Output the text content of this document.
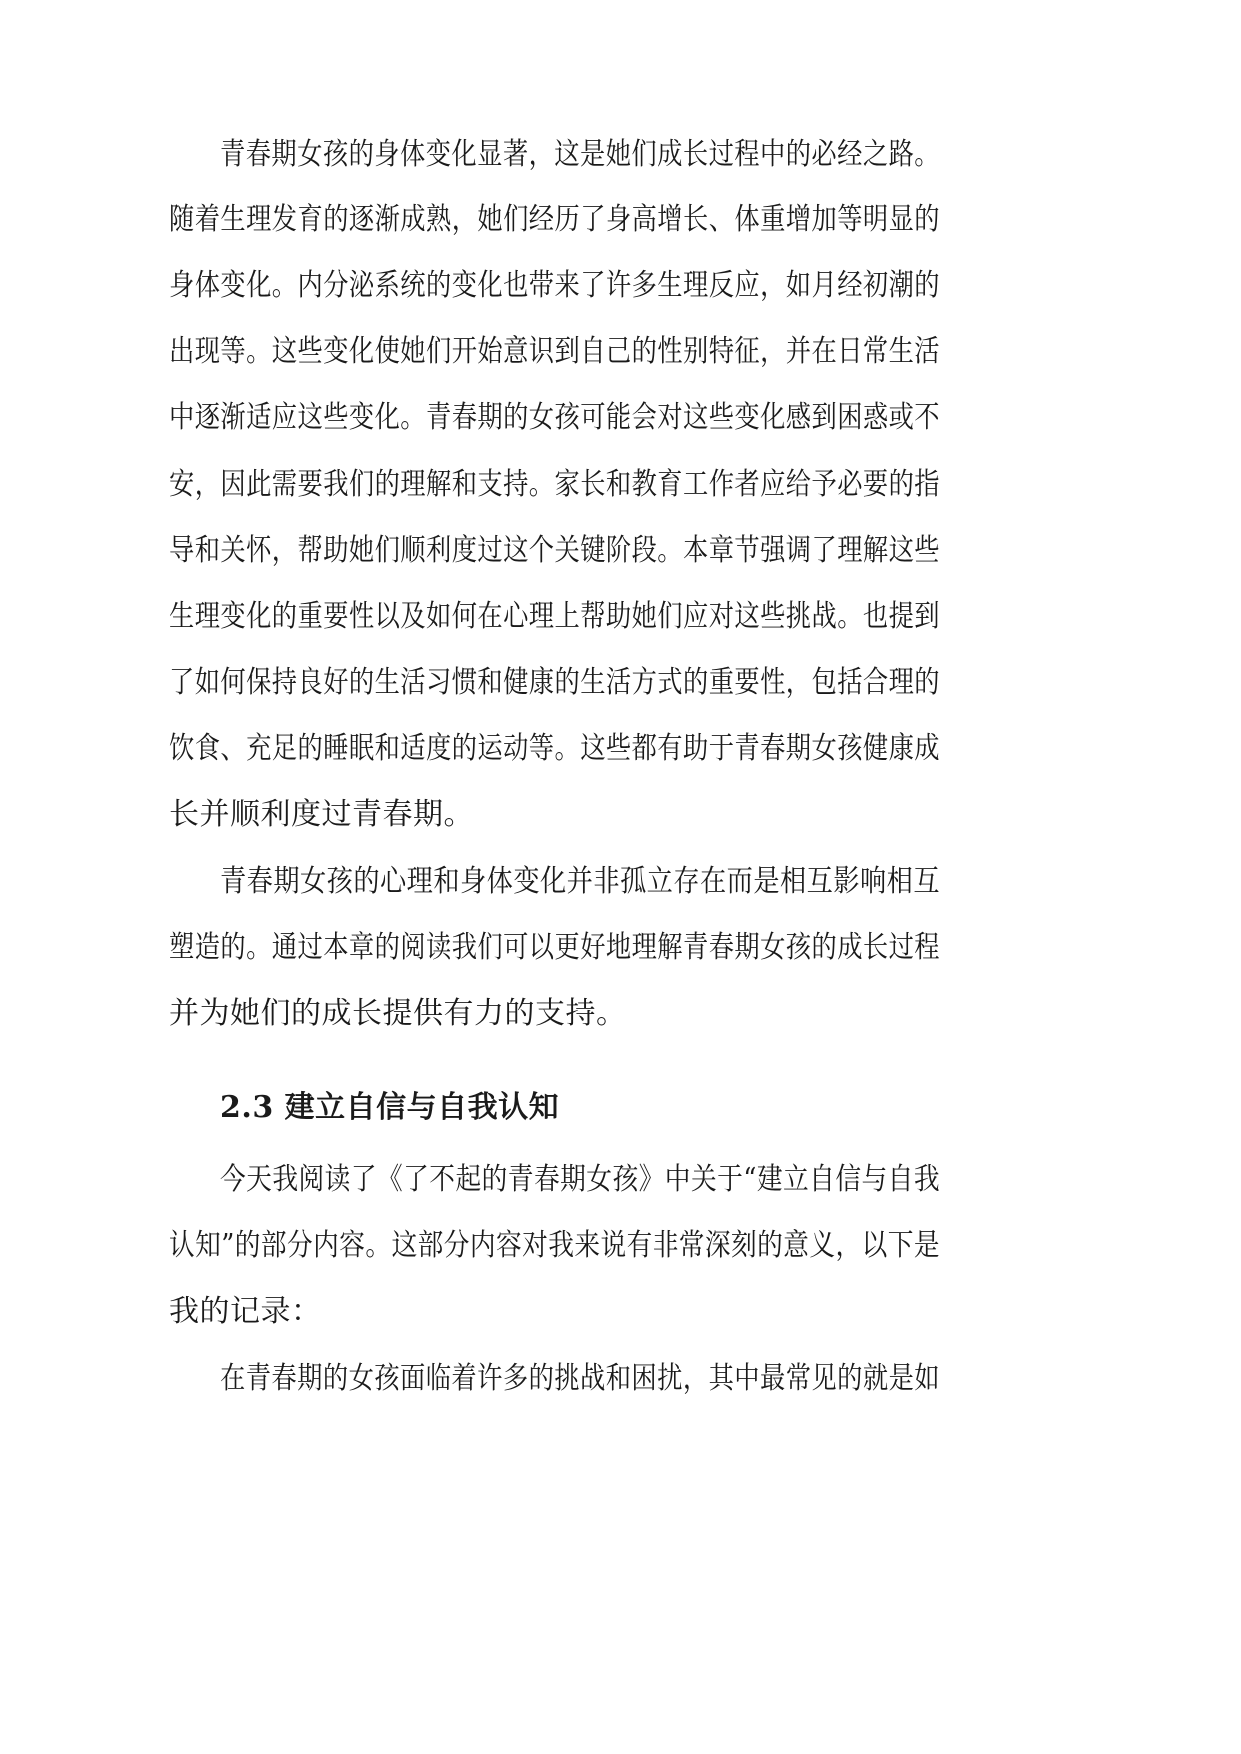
青春期女孩的身体变化显著，这是她们成长过程中的必经之路。
随着生理发育的逐渐成熟，她们经历了身高增长、体重增加等明显的
身体变化。内分泌系统的变化也带来了许多生理反应，如月经初潮的
出现等。这些变化使她们开始意识到自己的性别特征，并在日常生活
中逐渐适应这些变化。青春期的女孩可能会对这些变化感到困惑或不
安，因此需要我们的理解和支持。家长和教育工作者应给予必要的指
导和关怀，帮助她们顺利度过这个关键阶段。本章节强调了理解这些
生理变化的重要性以及如何在心理上帮助她们应对这些挑战。也提到
了如何保持良好的生活习惯和健康的生活方式的重要性，包括合理的
饮食、充足的睡眠和适度的运动等。这些都有助于青春期女孩健康成
长并顺利度过青春期。
青春期女孩的心理和身体变化并非孤立存在而是相互影响相互
塑造的。通过本章的阅读我们可以更好地理解青春期女孩的成长过程
并为她们的成长提供有力的支持。
2.3 建立自信与自我认知
今天我阅读了《了不起的青春期女孩》中关于“建立自信与自我
认知”的部分内容。这部分内容对我来说有非常深刻的意义，以下是
我的记录：
在青春期的女孩面临着许多的挑战和困扰，其中最常见的就是如
